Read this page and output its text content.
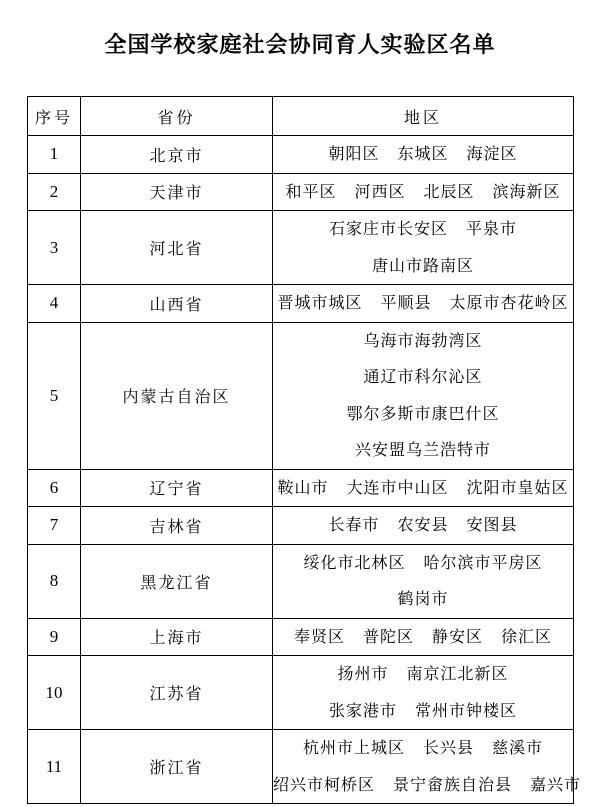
全国学校家庭社会协同育人实验区名单
序号	省份	地区
1	北京市	朝阳区 东城区 海淀区

2	天津市	和平区 河西区 北辰区 滨海新区

3	河北省	石家庄市长安区 平泉市
唐山市路南区

4	山西省	晋城市城区 平顺县 太原市杏花岭区

5	内蒙古自治区	乌海市海勃湾区
通辽市科尔沁区
鄂尔多斯市康巴什区
兴安盟乌兰浩特市

6	辽宁省	鞍山市 大连市中山区 沈阳市皇姑区

7	吉林省	长春市 农安县 安图县

8	黑龙江省	绥化市北林区 哈尔滨市平房区
鹤岗市

9	上海市	奉贤区 普陀区 静安区 徐汇区

10	江苏省	扬州市 南京江北新区
张家港市 常州市钟楼区

11	浙江省	杭州市上城区 长兴县 慈溪市
绍兴市柯桥区 景宁畲族自治县 嘉兴市
